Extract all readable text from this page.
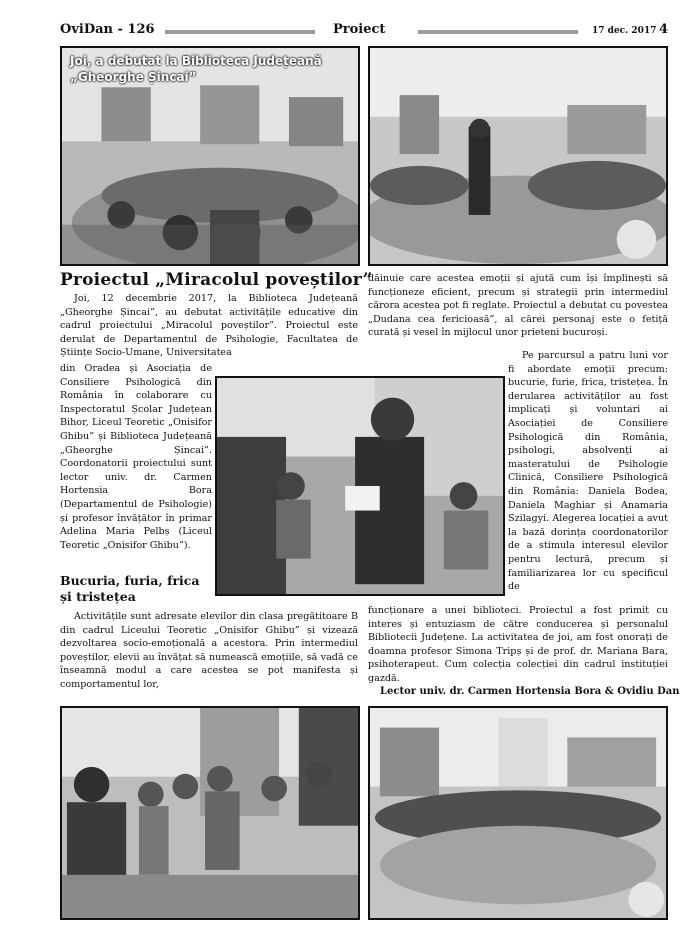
OviDan - 126	Proiect	17 dec. 2017 4
Joi, a debutat la Biblioteca Județeană
„Gheorghe Șincai”
Proiectul „Miracolul poveștilor”

Joi, 12 decembrie 2017, la Biblioteca Județeană „Gheorghe Șincai”, au debutat activitățile educative din cadrul proiectului „Miracolul poveștilor”. Proiectul este derulat de Departamentul de Psihologie, Facultatea de Științe Socio-Umane, Universitatea

din Oradea și Asociația de Consiliere Psihologică din România în colaborare cu Inspectoratul Școlar Județean Bihor, Liceul Teoretic „Onisifor Ghibu” și Biblioteca Județeană „Gheorghe Șincai”. Coordonatorii proiectului sunt lector univ. dr. Carmen Hortensia Bora (Departamentul de Psihologie) și profesor învățător în primar Adelina Maria Pelbș (Liceul Teoretic „Onisifor Ghibu”).

Bucuria, furia, frica și tristețea

Activitățile sunt adresate elevilor din clasa pregătitoare B din cadrul Liceului Teoretic „Onisifor Ghibu” și vizează dezvoltarea socio-emoțională a acestora. Prin intermediul poveștilor, elevii au învățat să numească emoțiile, să vadă ce înseamnă modul a care acestea se pot manifesta și comportamentul lor,

dăinuie care acestea emoții și ajută cum își împlinești să funcționeze eficient, precum și strategii prin intermediul cărora acestea pot fi reglate. Proiectul a debutat cu povestea „Dudana cea fericioasă”, al cărei personaj este o fetiță curată și vesel în mijlocul unor prieteni bucuroși.

Pe parcursul a patru luni vor fi abordate emoții precum: bucurie, furie, frica, tristețea. În derularea activităților au fost implicați și voluntari ai Asociației de Consiliere Psihologică din România, psihologi, absolvenți ai masteratului de Psihologie Clinică, Consiliere Psihologică din România: Daniela Bodea, Daniela Maghiar și Anamaria Szilagyi. Alegerea locației a avut la bază dorința coordonatorilor de a stimula interesul elevilor pentru lectură, precum și familiarizarea lor cu specificul de

funcționare a unei biblioteci. Proiectul a fost primit cu interes și entuziasm de către conducerea și personalul Bibliotecii Județene. La activitatea de joi, am fost onorați de doamna profesor Simona Tripș și de prof. dr. Mariana Bara, psihoterapeut. Cum colecția colecției din cadrul instituției gazdă.

Lector univ. dr. Carmen Hortensia Bora & Ovidiu Dan
